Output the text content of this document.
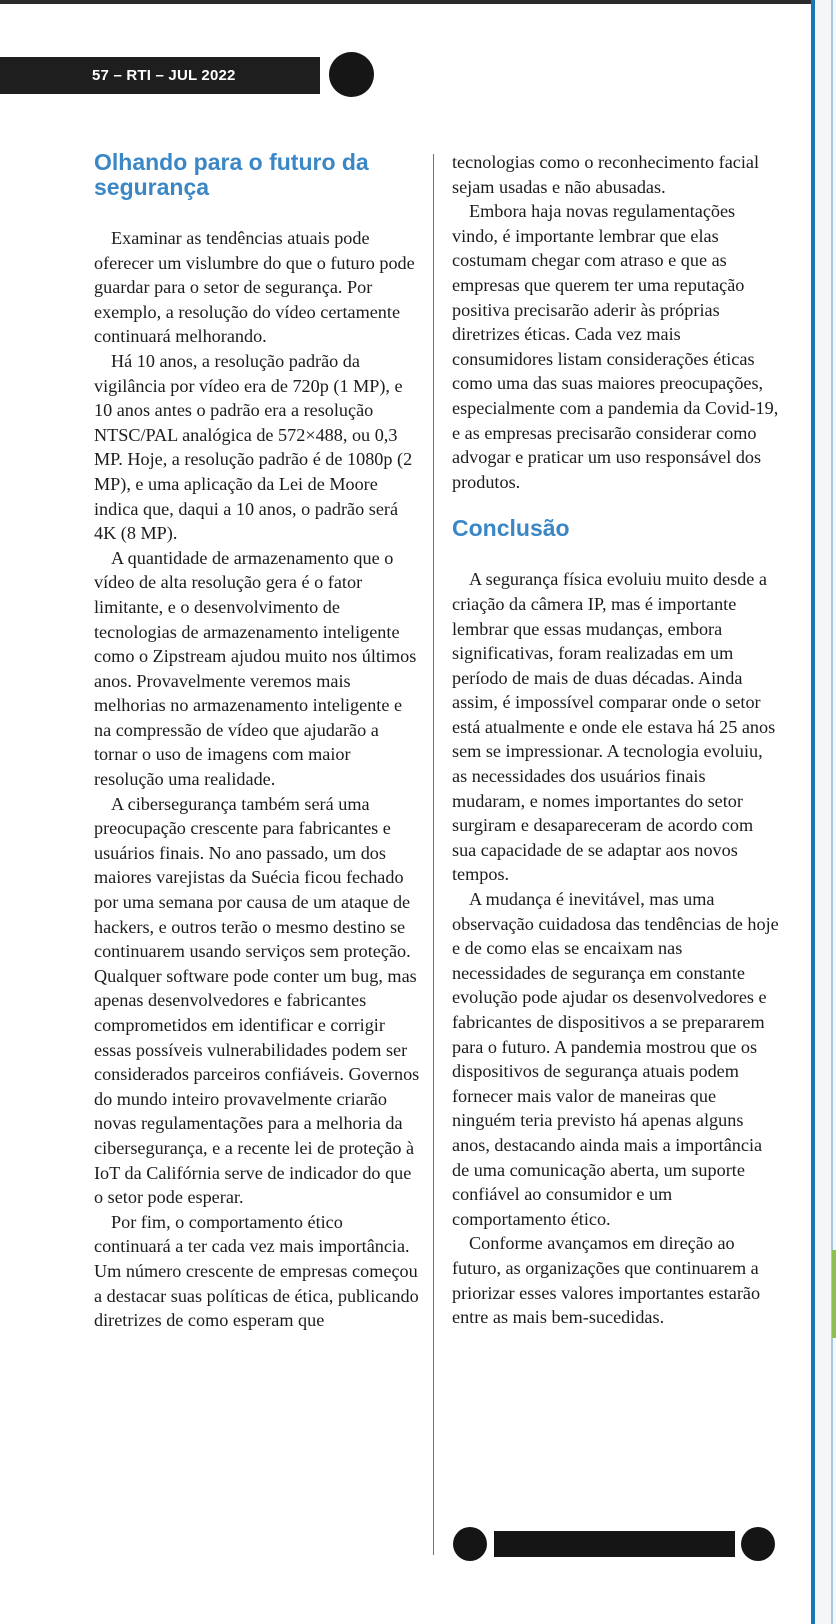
57 – RTI – JUL 2022
Olhando para o futuro da segurança

Examinar as tendências atuais pode oferecer um vislumbre do que o futuro pode guardar para o setor de segurança. Por exemplo, a resolução do vídeo certamente continuará melhorando.

Há 10 anos, a resolução padrão da vigilância por vídeo era de 720p (1 MP), e 10 anos antes o padrão era a resolução NTSC/PAL analógica de 572×488, ou 0,3 MP. Hoje, a resolução padrão é de 1080p (2 MP), e uma aplicação da Lei de Moore indica que, daqui a 10 anos, o padrão será 4K (8 MP).

A quantidade de armazenamento que o vídeo de alta resolução gera é o fator limitante, e o desenvolvimento de tecnologias de armazenamento inteligente como o Zipstream ajudou muito nos últimos anos. Provavelmente veremos mais melhorias no armazenamento inteligente e na compressão de vídeo que ajudarão a tornar o uso de imagens com maior resolução uma realidade.

A cibersegurança também será uma preocupação crescente para fabricantes e usuários finais. No ano passado, um dos maiores varejistas da Suécia ficou fechado por uma semana por causa de um ataque de hackers, e outros terão o mesmo destino se continuarem usando serviços sem proteção. Qualquer software pode conter um bug, mas apenas desenvolvedores e fabricantes comprometidos em identificar e corrigir essas possíveis vulnerabilidades podem ser considerados parceiros confiáveis. Governos do mundo inteiro provavelmente criarão novas regulamentações para a melhoria da cibersegurança, e a recente lei de proteção à IoT da Califórnia serve de indicador do que o setor pode esperar.

Por fim, o comportamento ético continuará a ter cada vez mais importância. Um número crescente de empresas começou a destacar suas políticas de ética, publicando diretrizes de como esperam que

tecnologias como o reconhecimento facial sejam usadas e não abusadas.

Embora haja novas regulamentações vindo, é importante lembrar que elas costumam chegar com atraso e que as empresas que querem ter uma reputação positiva precisarão aderir às próprias diretrizes éticas. Cada vez mais consumidores listam considerações éticas como uma das suas maiores preocupações, especialmente com a pandemia da Covid-19, e as empresas precisarão considerar como advogar e praticar um uso responsável dos produtos.

Conclusão

A segurança física evoluiu muito desde a criação da câmera IP, mas é importante lembrar que essas mudanças, embora significativas, foram realizadas em um período de mais de duas décadas. Ainda assim, é impossível comparar onde o setor está atualmente e onde ele estava há 25 anos sem se impressionar. A tecnologia evoluiu, as necessidades dos usuários finais mudaram, e nomes importantes do setor surgiram e desapareceram de acordo com sua capacidade de se adaptar aos novos tempos.

A mudança é inevitável, mas uma observação cuidadosa das tendências de hoje e de como elas se encaixam nas necessidades de segurança em constante evolução pode ajudar os desenvolvedores e fabricantes de dispositivos a se prepararem para o futuro. A pandemia mostrou que os dispositivos de segurança atuais podem fornecer mais valor de maneiras que ninguém teria previsto há apenas alguns anos, destacando ainda mais a importância de uma comunicação aberta, um suporte confiável ao consumidor e um comportamento ético.

Conforme avançamos em direção ao futuro, as organizações que continuarem a priorizar esses valores importantes estarão entre as mais bem-sucedidas.
